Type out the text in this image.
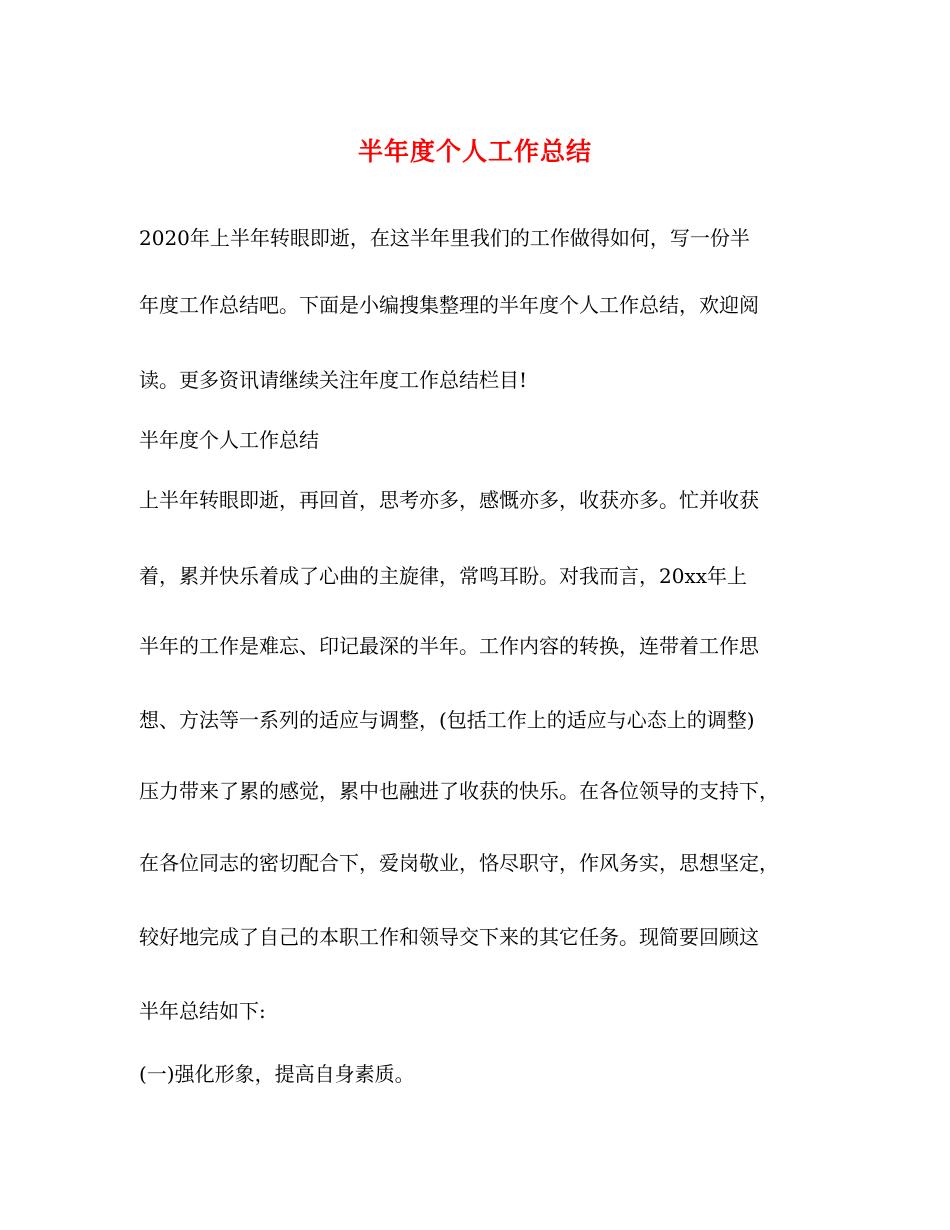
半年度个人工作总结
2020年上半年转眼即逝，在这半年里我们的工作做得如何，写一份半
年度工作总结吧。下面是小编搜集整理的半年度个人工作总结，欢迎阅
读。更多资讯请继续关注年度工作总结栏目!
半年度个人工作总结
上半年转眼即逝，再回首，思考亦多，感慨亦多，收获亦多。忙并收获
着，累并快乐着成了心曲的主旋律，常鸣耳盼。对我而言，20xx年上
半年的工作是难忘、印记最深的半年。工作内容的转换，连带着工作思
想、方法等一系列的适应与调整，(包括工作上的适应与心态上的调整)
压力带来了累的感觉，累中也融进了收获的快乐。在各位领导的支持下，
在各位同志的密切配合下，爱岗敬业，恪尽职守，作风务实，思想坚定，
较好地完成了自己的本职工作和领导交下来的其它任务。现简要回顾这
半年总结如下:
(一)强化形象，提高自身素质。
